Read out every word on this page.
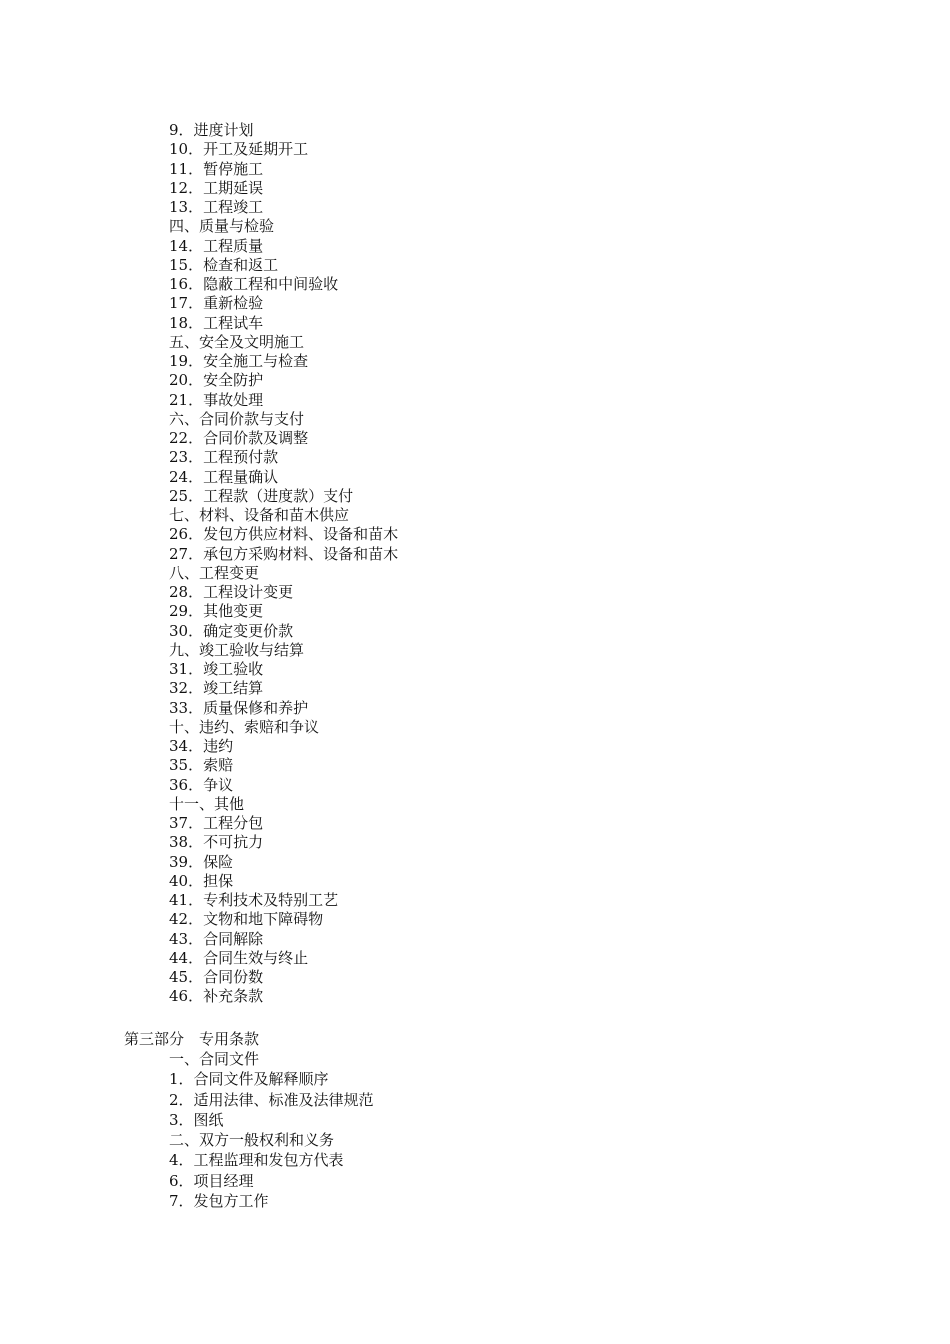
9．进度计划
10．开工及延期开工
11．暂停施工
12．工期延误
13．工程竣工
四、质量与检验
14．工程质量
15．检查和返工
16．隐蔽工程和中间验收
17．重新检验
18．工程试车
五、安全及文明施工
19．安全施工与检查
20．安全防护
21．事故处理
六、合同价款与支付
22．合同价款及调整
23．工程预付款
24．工程量确认
25．工程款（进度款）支付
七、材料、设备和苗木供应
26．发包方供应材料、设备和苗木
27．承包方采购材料、设备和苗木
八、工程变更
28．工程设计变更
29．其他变更
30．确定变更价款
九、竣工验收与结算
31．竣工验收
32．竣工结算
33．质量保修和养护
十、违约、索赔和争议
34．违约
35．索赔
36．争议
十一、其他
37．工程分包
38．不可抗力
39．保险
40．担保
41．专利技术及特别工艺
42．文物和地下障碍物
43．合同解除
44．合同生效与终止
45．合同份数
46．补充条款
第三部分　专用条款
一、合同文件
1．合同文件及解释顺序
2．适用法律、标准及法律规范
3．图纸
二、双方一般权利和义务
4．工程监理和发包方代表
6．项目经理
7．发包方工作
